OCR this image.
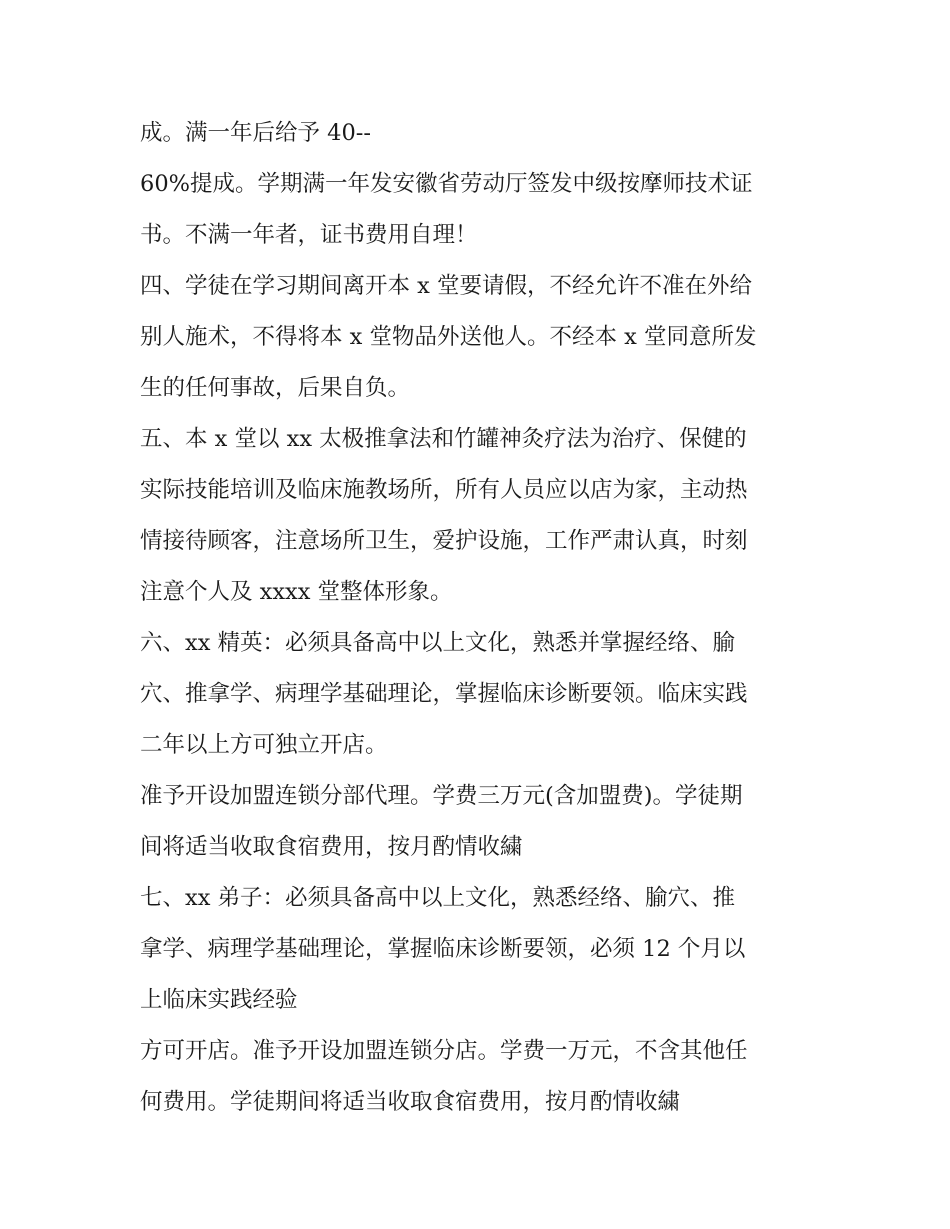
成。满一年后给予 40--
60%提成。学期满一年发安徽省劳动厅签发中级按摩师技术证
书。不满一年者，证书费用自理！
四、学徒在学习期间离开本 x 堂要请假，不经允许不准在外给
别人施术，不得将本 x 堂物品外送他人。不经本 x 堂同意所发
生的任何事故，后果自负。
五、本 x 堂以 xx 太极推拿法和竹罐神灸疗法为治疗、保健的
实际技能培训及临床施教场所，所有人员应以店为家，主动热
情接待顾客，注意场所卫生，爱护设施，工作严肃认真，时刻
注意个人及 xxxx 堂整体形象。
六、xx 精英：必须具备高中以上文化，熟悉并掌握经络、腧
穴、推拿学、病理学基础理论，掌握临床诊断要领。临床实践
二年以上方可独立开店。
准予开设加盟连锁分部代理。学费三万元(含加盟费)。学徒期
间将适当收取食宿费用，按月酌情收繍
七、xx 弟子：必须具备高中以上文化，熟悉经络、腧穴、推
拿学、病理学基础理论，掌握临床诊断要领，必须 12 个月以
上临床实践经验
方可开店。准予开设加盟连锁分店。学费一万元，不含其他任
何费用。学徒期间将适当收取食宿费用，按月酌情收繍
